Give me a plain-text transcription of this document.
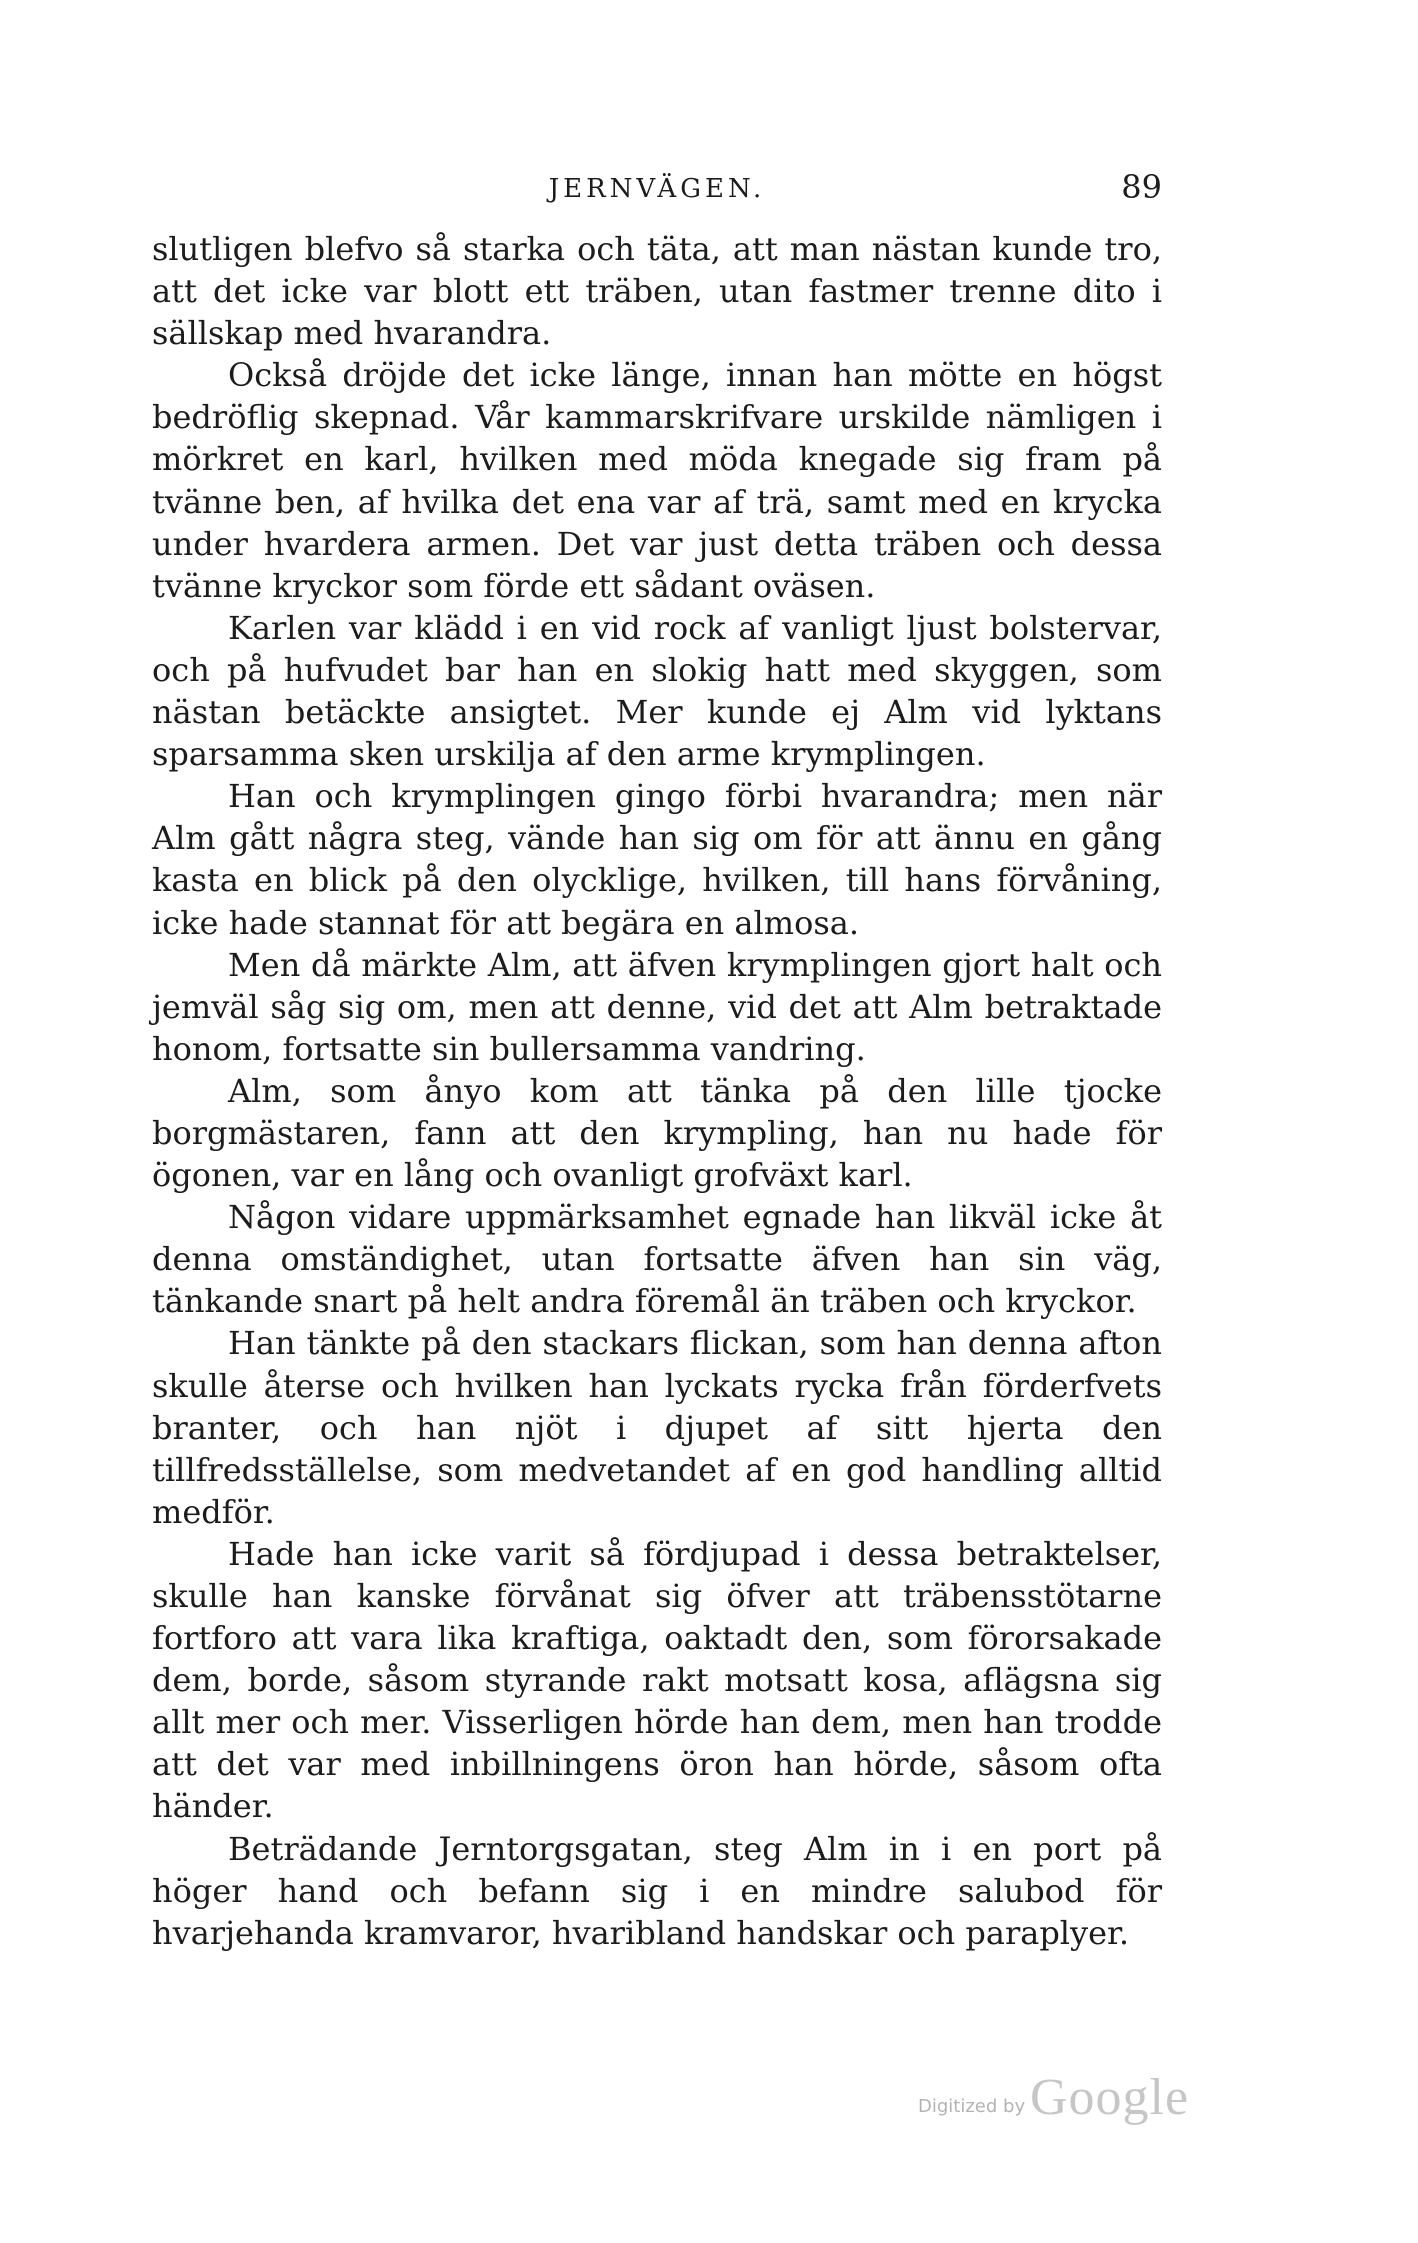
JERNVÄGEN.	89

slutligen blefvo så starka och täta, att man nästan kunde tro, att det icke var blott ett träben, utan fastmer trenne dito i sällskap med hvarandra.

Också dröjde det icke länge, innan han mötte en högst bedröflig skepnad. Vår kammarskrifvare urskilde nämligen i mörkret en karl, hvilken med möda knegade sig fram på tvänne ben, af hvilka det ena var af trä, samt med en krycka under hvardera armen. Det var just detta träben och dessa tvänne kryckor som förde ett sådant oväsen.

Karlen var klädd i en vid rock af vanligt ljust bolstervar, och på hufvudet bar han en slokig hatt med skyggen, som nästan betäckte ansigtet. Mer kunde ej Alm vid lyktans sparsamma sken urskilja af den arme krymplingen.

Han och krymplingen gingo förbi hvarandra; men när Alm gått några steg, vände han sig om för att ännu en gång kasta en blick på den olycklige, hvilken, till hans förvåning, icke hade stannat för att begära en almosa.

Men då märkte Alm, att äfven krymplingen gjort halt och jemväl såg sig om, men att denne, vid det att Alm betraktade honom, fortsatte sin bullersamma vandring.

Alm, som ånyo kom att tänka på den lille tjocke borgmästaren, fann att den krympling, han nu hade för ögonen, var en lång och ovanligt grofväxt karl.

Någon vidare uppmärksamhet egnade han likväl icke åt denna omständighet, utan fortsatte äfven han sin väg, tänkande snart på helt andra föremål än träben och kryckor.

Han tänkte på den stackars flickan, som han denna afton skulle återse och hvilken han lyckats rycka från förderfvets branter, och han njöt i djupet af sitt hjerta den tillfredsställelse, som medvetandet af en god handling alltid medför.

Hade han icke varit så fördjupad i dessa betraktelser, skulle han kanske förvånat sig öfver att träbensstötarne fortforo att vara lika kraftiga, oaktadt den, som förorsakade dem, borde, såsom styrande rakt motsatt kosa, aflägsna sig allt mer och mer. Visserligen hörde han dem, men han trodde att det var med inbillningens öron han hörde, såsom ofta händer.

Beträdande Jerntorgsgatan, steg Alm in i en port på höger hand och befann sig i en mindre salubod för hvarjehanda kramvaror, hvaribland handskar och paraplyer.

Digitized by Google
